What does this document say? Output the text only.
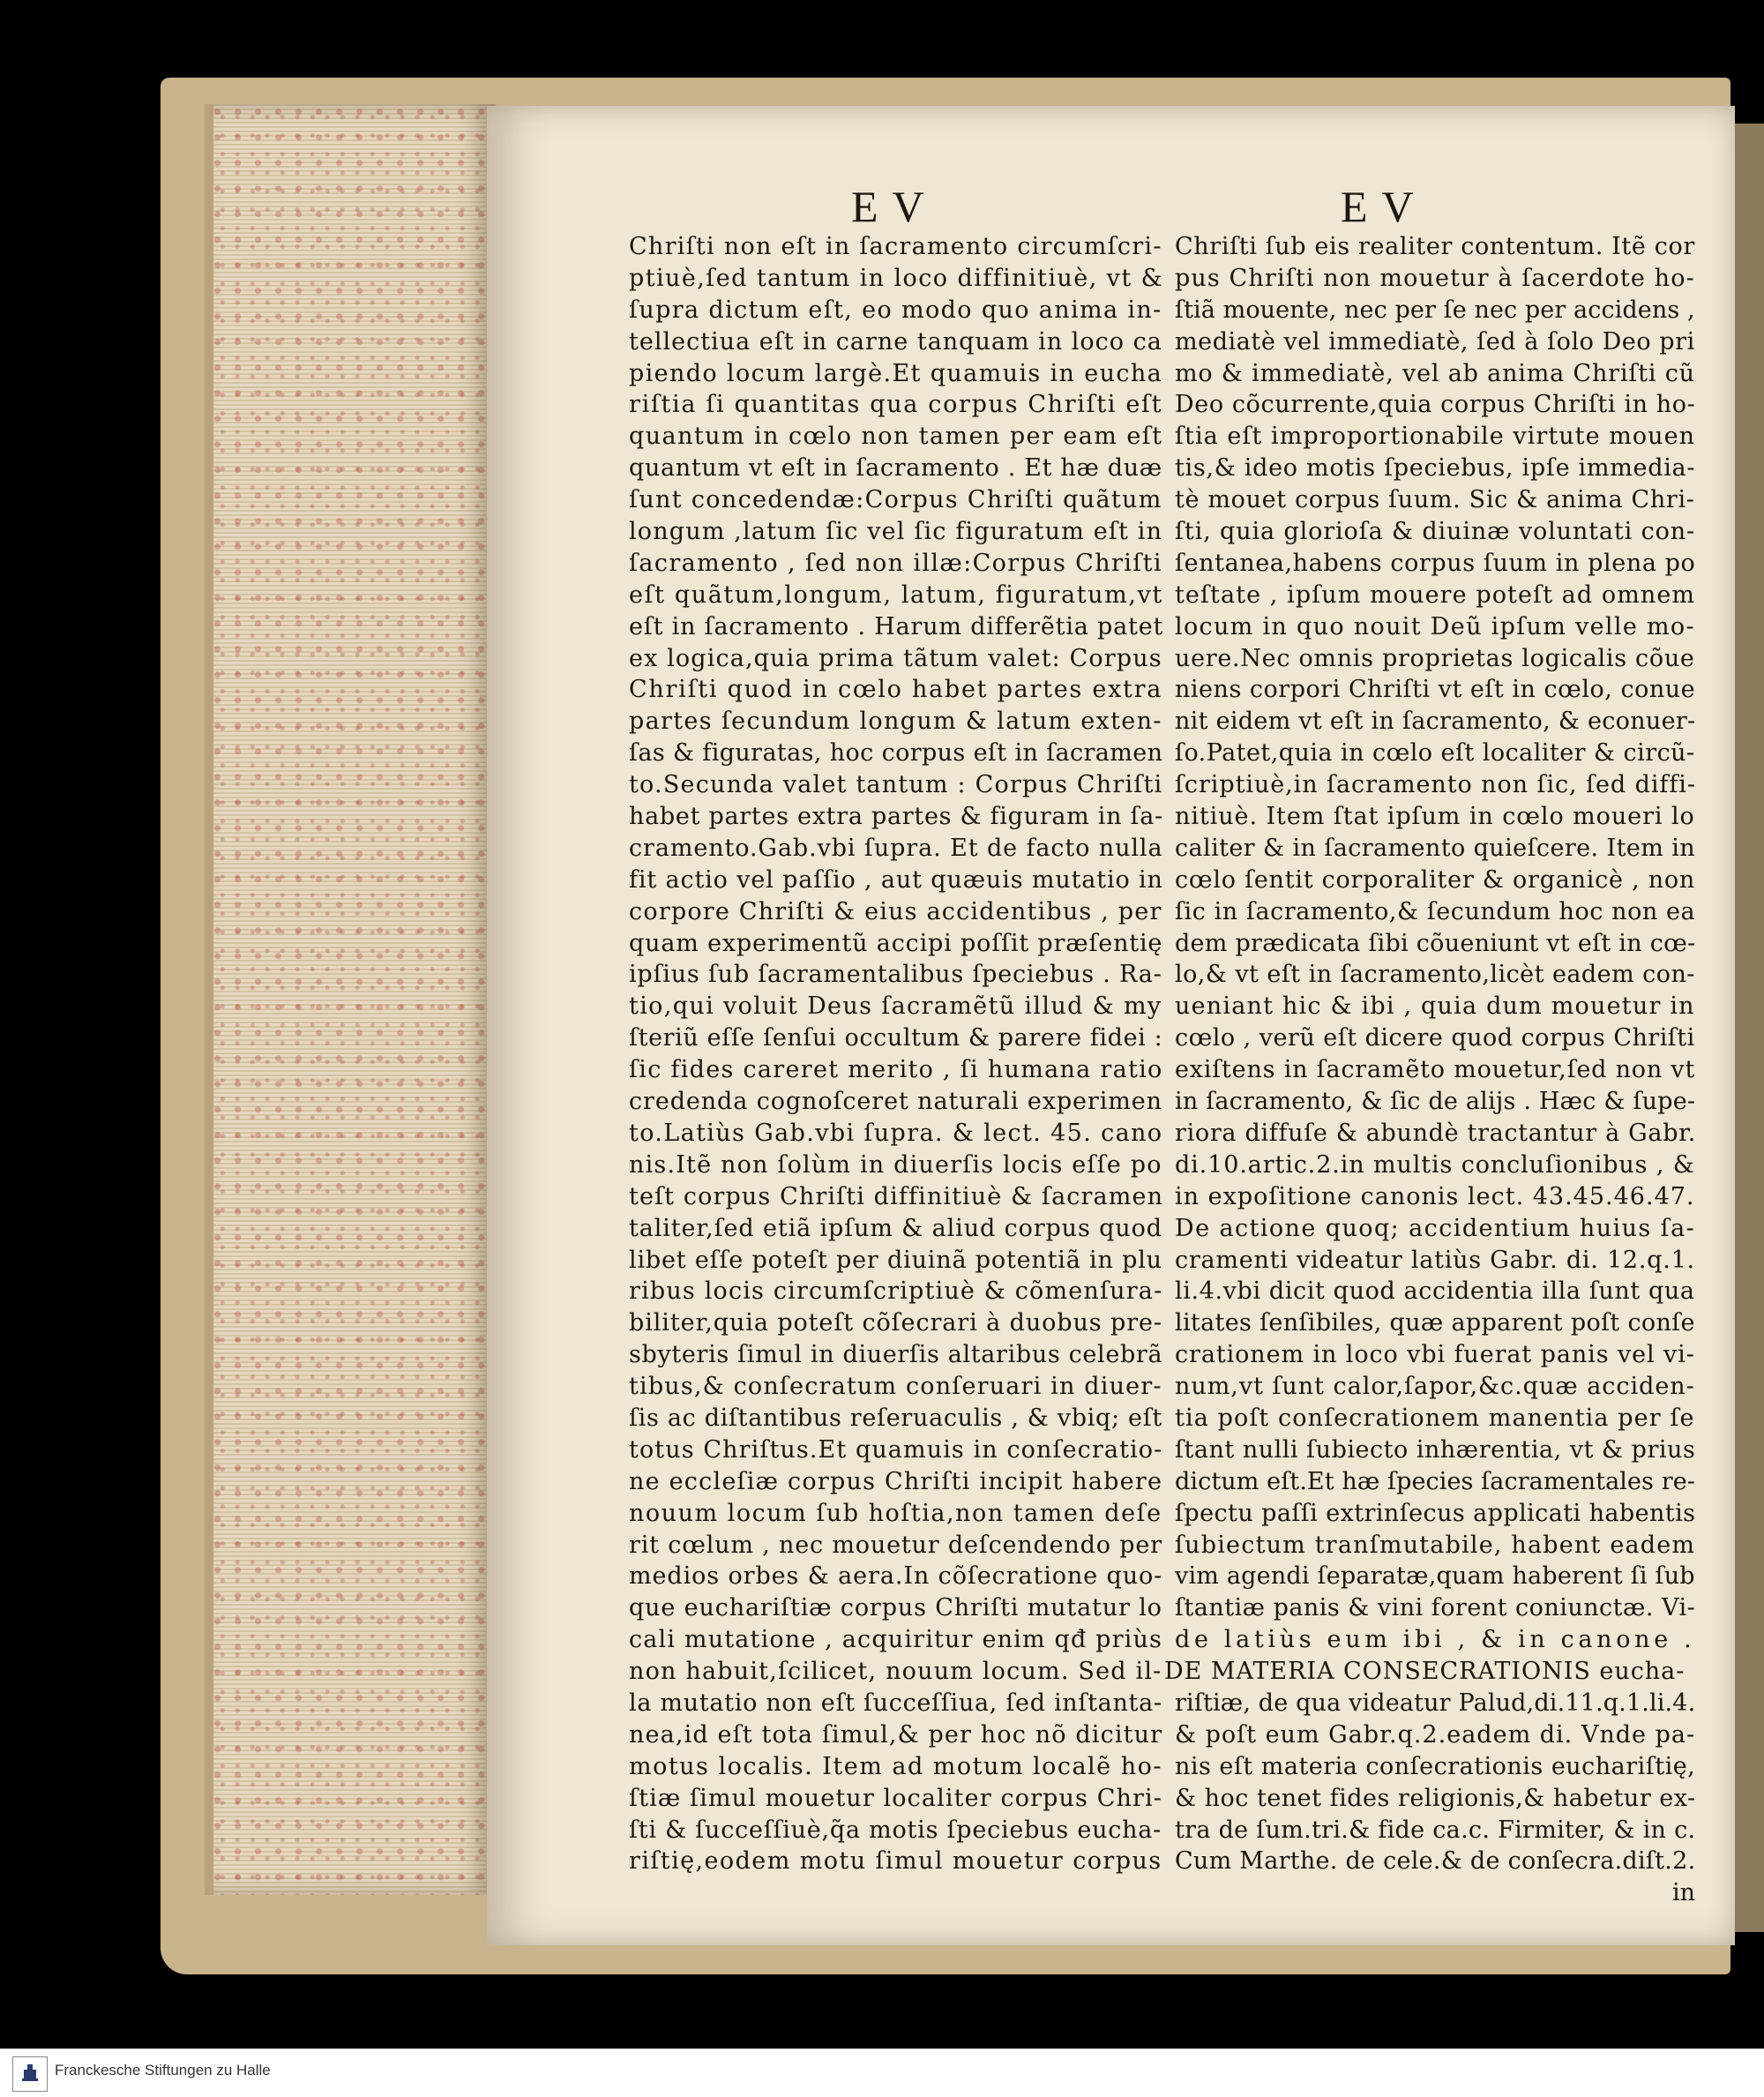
EV	EV
Chriſti non eſt in ſacramento circumſcri-
ptiuè,ſed tantum in loco diffinitiuè, vt &
ſupra dictum eſt, eo modo quo anima in-
tellectiua eſt in carne tanquam in loco ca
piendo locum largè.Et quamuis in eucha
riſtia ſi quantitas qua corpus Chriſti eſt
quantum in cœlo non tamen per eam eſt
quantum vt eſt in ſacramento . Et hæ duæ
ſunt concedendæ:Corpus Chriſti quãtum
longum ,latum ſic vel ſic figuratum eſt in
ſacramento , ſed non illæ:Corpus Chriſti
eſt quãtum,longum, latum, figuratum,vt
eſt in ſacramento . Harum differẽtia patet
ex logica,quia prima tãtum valet: Corpus
Chriſti quod in cœlo habet partes extra
partes ſecundum longum & latum exten-
ſas & figuratas, hoc corpus eſt in ſacramen
to.Secunda valet tantum : Corpus Chriſti
habet partes extra partes & figuram in ſa-
cramento.Gab.vbi ſupra. Et de facto nulla
fit actio vel paſſio , aut quæuis mutatio in
corpore Chriſti & eius accidentibus , per
quam experimentũ accipi poſſit præſentię
ipſius ſub ſacramentalibus ſpeciebus . Ra-
tio,qui voluit Deus ſacramẽtũ illud & my
ſteriũ eſſe ſenſui occultum & parere fidei :
ſic fides careret merito , ſi humana ratio
credenda cognoſceret naturali experimen
to.Latiùs Gab.vbi ſupra. & lect. 45. cano
nis.Itẽ non ſolùm in diuerſis locis eſſe po
teſt corpus Chriſti diffinitiuè & ſacramen
taliter,ſed etiã ipſum & aliud corpus quod
libet eſſe poteſt per diuinã potentiã in plu
ribus locis circumſcriptiuè & cõmenſura-
biliter,quia poteſt cõſecrari à duobus pre-
sbyteris ſimul in diuerſis altaribus celebrã
tibus,& conſecratum conſeruari in diuer-
ſis ac diſtantibus reſeruaculis , & vbiq; eſt
totus Chriſtus.Et quamuis in conſecratio-
ne eccleſiæ corpus Chriſti incipit habere
nouum locum ſub hoſtia,non tamen deſe
rit cœlum , nec mouetur deſcendendo per
medios orbes & aera.In cõſecratione quo-
que euchariſtiæ corpus Chriſti mutatur lo
cali mutatione , acquiritur enim qđ priùs
non habuit,ſcilicet, nouum locum. Sed il-
la mutatio non eſt ſucceſſiua, ſed inſtanta-
nea,id eſt tota ſimul,& per hoc nõ dicitur
motus localis. Item ad motum localẽ ho-
ſtiæ ſimul mouetur localiter corpus Chri-
ſti & ſucceſſiuè,q̃a motis ſpeciebus eucha-
riſtię,eodem motu ſimul mouetur corpus
Chriſti ſub eis realiter contentum. Itẽ cor
pus Chriſti non mouetur à ſacerdote ho-
ſtiã mouente, nec per ſe nec per accidens ,
mediatè vel immediatè, ſed à ſolo Deo pri
mo & immediatè, vel ab anima Chriſti cũ
Deo cõcurrente,quia corpus Chriſti in ho-
ſtia eſt improportionabile virtute mouen
tis,& ideo motis ſpeciebus, ipſe immedia-
tè mouet corpus ſuum. Sic & anima Chri-
ſti, quia glorioſa & diuinæ voluntati con-
ſentanea,habens corpus ſuum in plena po
teſtate , ipſum mouere poteſt ad omnem
locum in quo nouit Deũ ipſum velle mo-
uere.Nec omnis proprietas logicalis cõue
niens corpori Chriſti vt eſt in cœlo, conue
nit eidem vt eſt in ſacramento, & econuer-
ſo.Patet,quia in cœlo eſt localiter & circũ-
ſcriptiuè,in ſacramento non ſic, ſed diffi-
nitiuè. Item ſtat ipſum in cœlo moueri lo
caliter & in ſacramento quieſcere. Item in
cœlo ſentit corporaliter & organicè , non
ſic in ſacramento,& ſecundum hoc non ea
dem prædicata ſibi cõueniunt vt eſt in cœ-
lo,& vt eſt in ſacramento,licèt eadem con-
ueniant hic & ibi , quia dum mouetur in
cœlo , verũ eſt dicere quod corpus Chriſti
exiſtens in ſacramẽto mouetur,ſed non vt
in ſacramento, & ſic de alijs . Hæc & ſupe-
riora diffuſe & abundè tractantur à Gabr.
di.10.artic.2.in multis concluſionibus , &
in expoſitione canonis lect. 43.45.46.47.
De actione quoq; accidentium huius ſa-
cramenti videatur latiùs Gabr. di. 12.q.1.
li.4.vbi dicit quod accidentia illa ſunt qua
litates ſenſibiles, quæ apparent poſt conſe
crationem in loco vbi fuerat panis vel vi-
num,vt ſunt calor,ſapor,&c.quæ acciden-
tia poſt conſecrationem manentia per ſe
ſtant nulli ſubiecto inhærentia, vt & prius
dictum eſt.Et hæ ſpecies ſacramentales re-
ſpectu paſſi extrinſecus applicati habentis
ſubiectum tranſmutabile, habent eadem
vim agendi ſeparatæ,quam haberent ſi ſub
ſtantiæ panis & vini forent coniunctæ. Vi-
de latiùs eum ibi , & in canone .
DE MATERIA CONSECRATIONIS eucha-
riſtiæ, de qua videatur Palud,di.11.q.1.li.4.
& poſt eum Gabr.q.2.eadem di. Vnde pa-
nis eſt materia conſecrationis euchariſtię,
& hoc tenet fides religionis,& habetur ex-
tra de ſum.tri.& fide ca.c. Firmiter, & in c.
Cum Marthe. de cele.& de conſecra.diſt.2.
in
Franckesche Stiftungen zu Halle
